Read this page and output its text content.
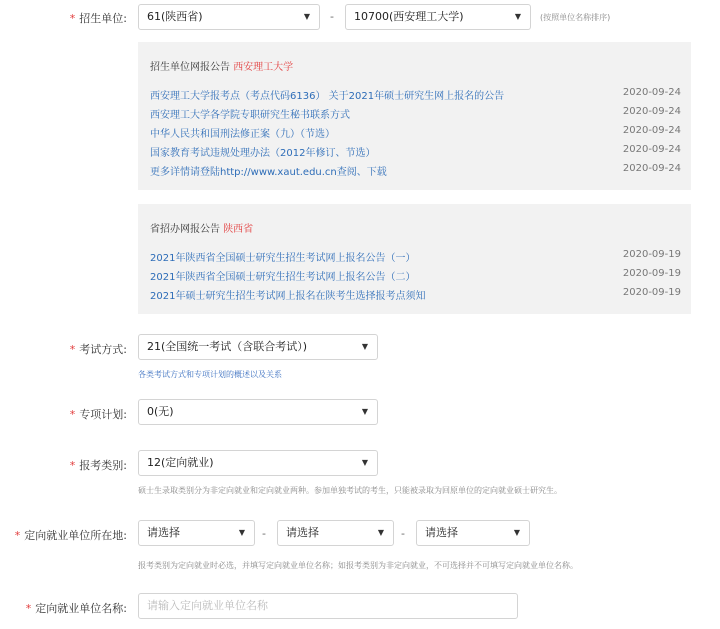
* 招生单位:	61(陕西省)	▼ -	10700(西安理工大学)	▼ (按照单位名称排序)
招生单位网报公告 西安理工大学
西安理工大学报考点（考点代码6136） 关于2021年硕士研究生网上报名的公告	2020-09-24
西安理工大学各学院专职研究生秘书联系方式	2020-09-24
中华人民共和国刑法修正案（九）（节选）	2020-09-24
国家教育考试违规处理办法（2012年修订、节选）	2020-09-24
更多详情请登陆http://www.xaut.edu.cn查阅、下载	2020-09-24
省招办网报公告 陕西省
2021年陕西省全国硕士研究生招生考试网上报名公告（一）	2020-09-19
2021年陕西省全国硕士研究生招生考试网上报名公告（二）	2020-09-19
2021年硕士研究生招生考试网上报名在陕考生选择报考点须知	2020-09-19
* 考试方式:	21(全国统一考试（含联合考试）)	▼
各类考试方式和专项计划的概述以及关系
* 专项计划:	0(无)	▼
* 报考类别:	12(定向就业)	▼
硕士生录取类别分为非定向就业和定向就业两种。参加单独考试的考生，只能被录取为回原单位的定向就业硕士研究生。
* 定向就业单位所在地:	请选择	▼ -	请选择	▼ -	请选择	▼
报考类别为定向就业时必选，并填写定向就业单位名称；如报考类别为非定向就业，不可选择并不可填写定向就业单位名称。
* 定向就业单位名称:	请输入定向就业单位名称
